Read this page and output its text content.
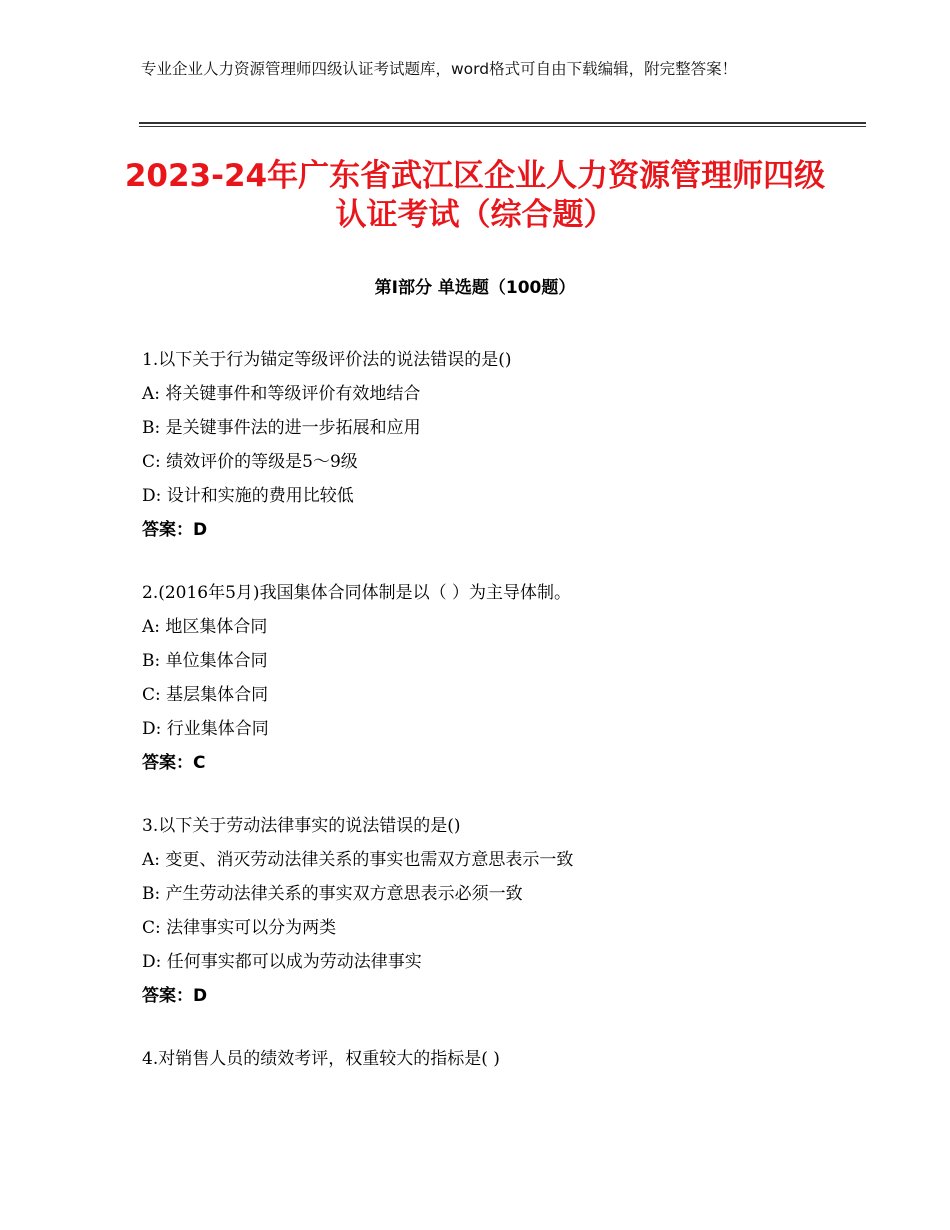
专业企业人力资源管理师四级认证考试题库，word格式可自由下载编辑，附完整答案！
2023-24年广东省武江区企业人力资源管理师四级认证考试（综合题）
第Ⅰ部分 单选题（100题）
1.以下关于行为锚定等级评价法的说法错误的是()
A: 将关键事件和等级评价有效地结合
B: 是关键事件法的进一步拓展和应用
C: 绩效评价的等级是5～9级
D: 设计和实施的费用比较低
答案：D
2.(2016年5月)我国集体合同体制是以（ ）为主导体制。
A: 地区集体合同
B: 单位集体合同
C: 基层集体合同
D: 行业集体合同
答案：C
3.以下关于劳动法律事实的说法错误的是()
A: 变更、消灭劳动法律关系的事实也需双方意思表示一致
B: 产生劳动法律关系的事实双方意思表示必须一致
C: 法律事实可以分为两类
D: 任何事实都可以成为劳动法律事实
答案：D
4.对销售人员的绩效考评，权重较大的指标是( )
